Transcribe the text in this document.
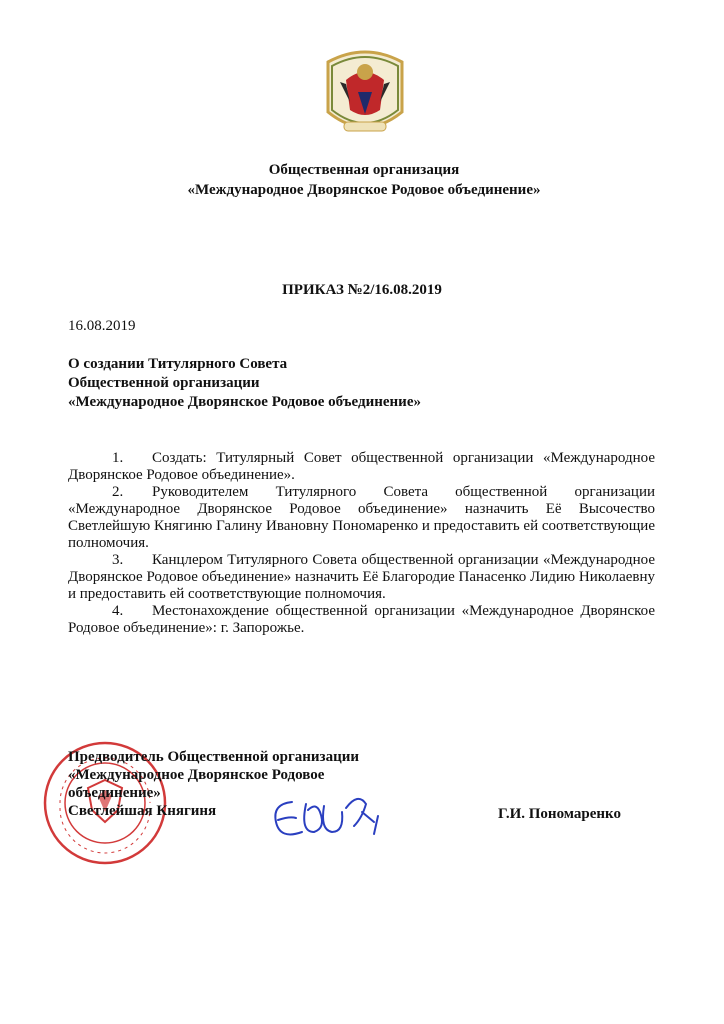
Общественная организация
«Международное Дворянское Родовое объединение»
ПРИКАЗ №2/16.08.2019
16.08.2019
О создании Титулярного Совета
Общественной организации
«Международное Дворянское Родовое объединение»

1. Создать: Титулярный Совет общественной организации «Международное Дворянское Родовое объединение».

2. Руководителем Титулярного Совета общественной организации «Международное Дворянское Родовое объединение» назначить Её Высочество Светлейшую Княгиню Галину Ивановну Пономаренко и предоставить ей соответствующие полномочия.

3. Канцлером Титулярного Совета общественной организации «Международное Дворянское Родовое объединение» назначить Её Благородие Панасенко Лидию Николаевну и предоставить ей соответствующие полномочия.

4. Местонахождение общественной организации «Международное Дворянское Родовое объединение»: г. Запорожье.

Предводитель Общественной организации
«Международное Дворянское Родовое
объединение»
Светлейшая Княгиня	Г.И. Пономаренко
